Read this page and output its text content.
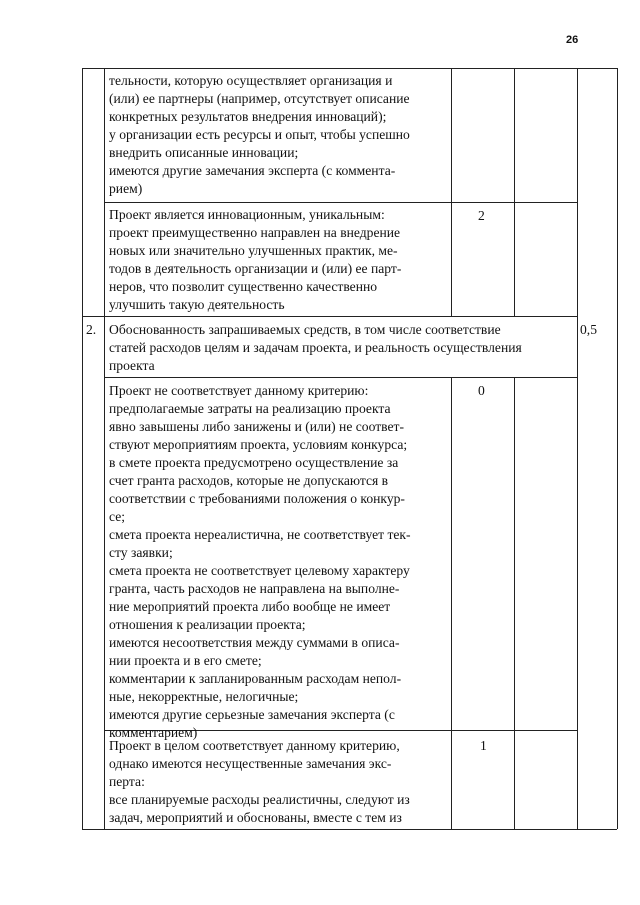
26
тельности, которую осуществляет организация и
(или) ее партнеры (например, отсутствует описание
конкретных результатов внедрения инноваций);
у организации есть ресурсы и опыт, чтобы успешно
внедрить описанные инновации;
имеются другие замечания эксперта (с коммента-
рием)
Проект является инновационным, уникальным:
проект преимущественно направлен на внедрение
новых или значительно улучшенных практик, ме-
тодов в деятельность организации и (или) ее парт-
неров, что позволит существенно качественно
улучшить такую деятельность
2
2. Обоснованность запрашиваемых средств, в том числе соответствие
статей расходов целям и задачам проекта, и реальность осуществления
проекта
0,5
Проект не соответствует данному критерию:
предполагаемые затраты на реализацию проекта
явно завышены либо занижены и (или) не соответ-
ствуют мероприятиям проекта, условиям конкурса;
в смете проекта предусмотрено осуществление за
счет гранта расходов, которые не допускаются в
соответствии с требованиями положения о конкур-
се;
смета проекта нереалистична, не соответствует тек-
сту заявки;
смета проекта не соответствует целевому характеру
гранта, часть расходов не направлена на выполне-
ние мероприятий проекта либо вообще не имеет
отношения к реализации проекта;
имеются несоответствия между суммами в описа-
нии проекта и в его смете;
комментарии к запланированным расходам непол-
ные, некорректные, нелогичные;
имеются другие серьезные замечания эксперта (с
комментарием)
0
Проект в целом соответствует данному критерию,
однако имеются несущественные замечания экс-
перта:
все планируемые расходы реалистичны, следуют из
задач, мероприятий и обоснованы, вместе с тем из
1
